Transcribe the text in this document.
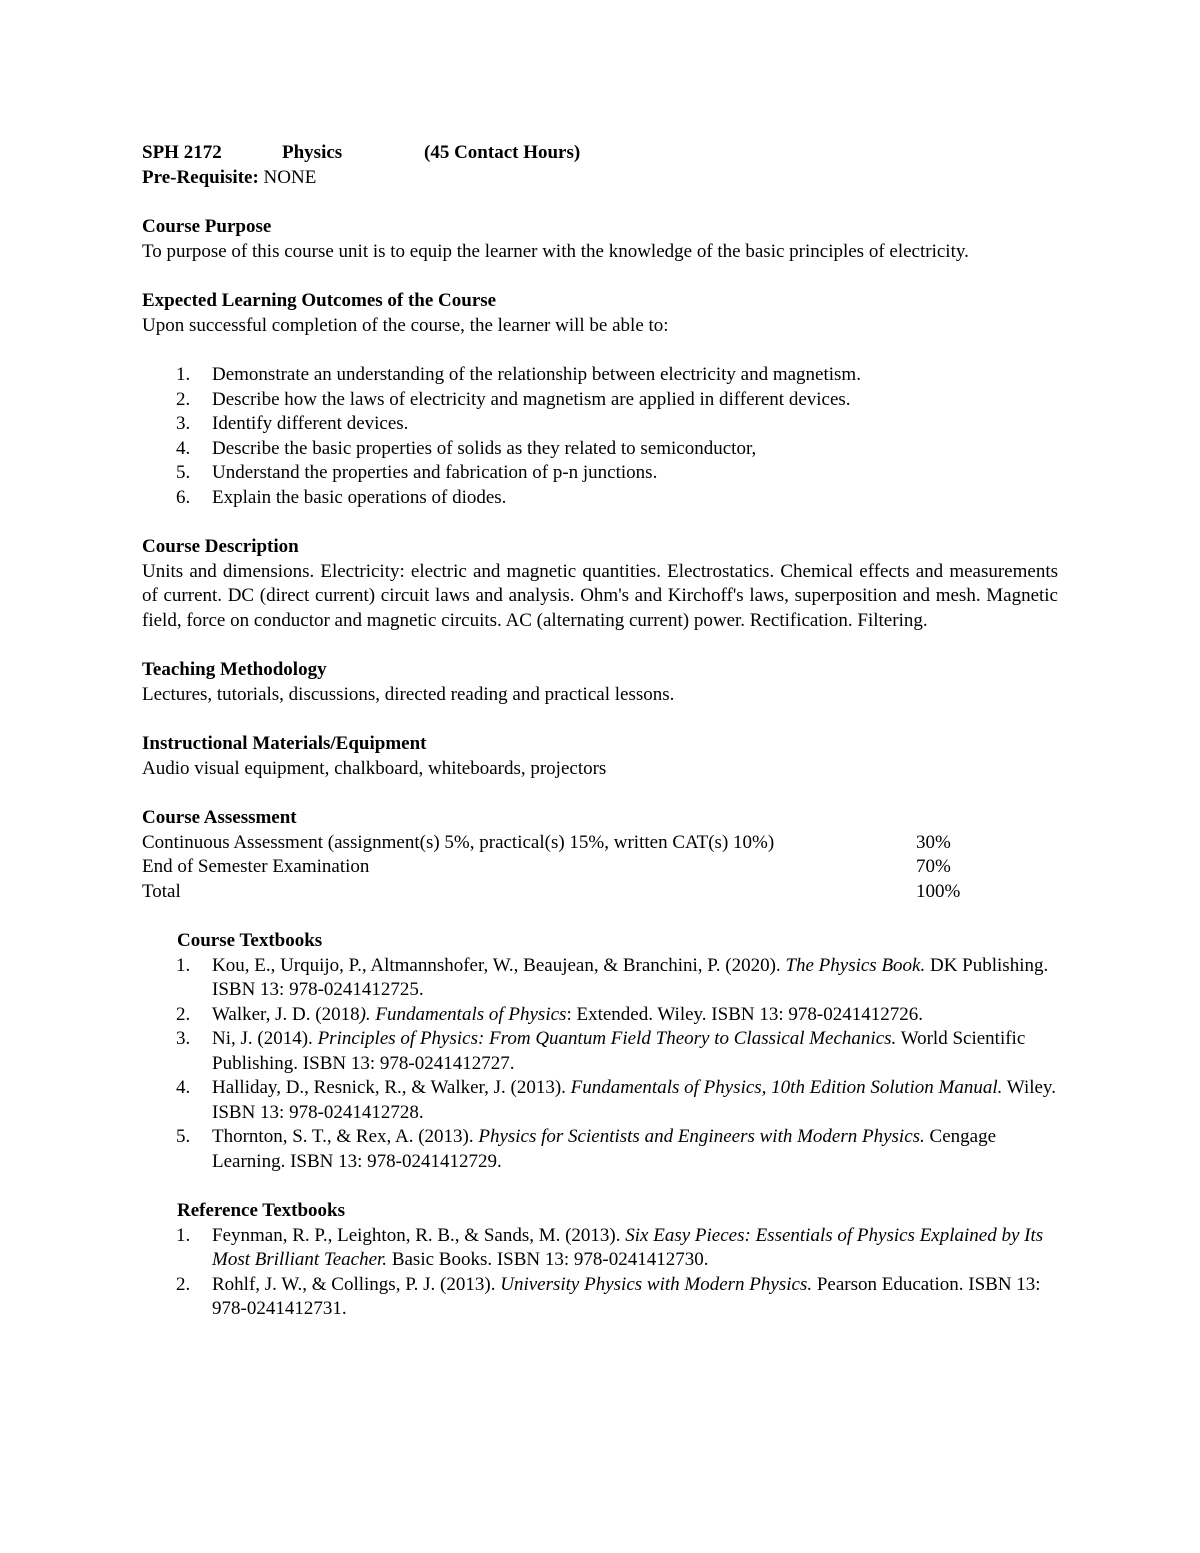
SPH 2172	Physics	(45 Contact Hours)
Pre-Requisite: NONE
Course Purpose
To purpose of this course unit is to equip the learner with the knowledge of the basic principles of electricity.
Expected Learning Outcomes of the Course
Upon successful completion of the course, the learner will be able to:
1. Demonstrate an understanding of the relationship between electricity and magnetism.
2. Describe how the laws of electricity and magnetism are applied in different devices.
3. Identify different devices.
4. Describe the basic properties of solids as they related to semiconductor,
5. Understand the properties and fabrication of p-n junctions.
6. Explain the basic operations of diodes.
Course Description
Units and dimensions. Electricity: electric and magnetic quantities. Electrostatics. Chemical effects and measurements of current. DC (direct current) circuit laws and analysis. Ohm's and Kirchoff's laws, superposition and mesh. Magnetic field, force on conductor and magnetic circuits. AC (alternating current) power. Rectification. Filtering.
Teaching Methodology
Lectures, tutorials, discussions, directed reading and practical lessons.
Instructional Materials/Equipment
Audio visual equipment, chalkboard, whiteboards, projectors
Course Assessment
Continuous Assessment (assignment(s) 5%, practical(s) 15%, written CAT(s) 10%)	30%
End of Semester Examination	70%
Total	100%
Course Textbooks
1. Kou, E., Urquijo, P., Altmannshofer, W., Beaujean, & Branchini, P. (2020). The Physics Book. DK Publishing. ISBN 13: 978-0241412725.
2. Walker, J. D. (2018). Fundamentals of Physics: Extended. Wiley. ISBN 13: 978-0241412726.
3. Ni, J. (2014). Principles of Physics: From Quantum Field Theory to Classical Mechanics. World Scientific Publishing. ISBN 13: 978-0241412727.
4. Halliday, D., Resnick, R., & Walker, J. (2013). Fundamentals of Physics, 10th Edition Solution Manual. Wiley. ISBN 13: 978-0241412728.
5. Thornton, S. T., & Rex, A. (2013). Physics for Scientists and Engineers with Modern Physics. Cengage Learning. ISBN 13: 978-0241412729.
Reference Textbooks
1. Feynman, R. P., Leighton, R. B., & Sands, M. (2013). Six Easy Pieces: Essentials of Physics Explained by Its Most Brilliant Teacher. Basic Books. ISBN 13: 978-0241412730.
2. Rohlf, J. W., & Collings, P. J. (2013). University Physics with Modern Physics. Pearson Education. ISBN 13: 978-0241412731.
